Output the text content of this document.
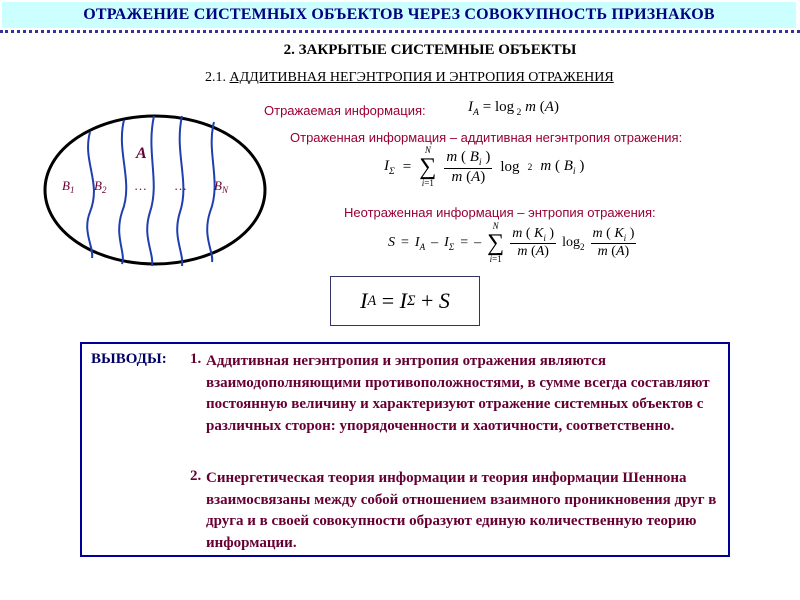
ОТРАЖЕНИЕ СИСТЕМНЫХ ОБЪЕКТОВ ЧЕРЕЗ СОВОКУПНОСТЬ ПРИЗНАКОВ
2. ЗАКРЫТЫЕ СИСТЕМНЫЕ ОБЪЕКТЫ
2.1. АДДИТИВНАЯ НЕГЭНТРОПИЯ И ЭНТРОПИЯ ОТРАЖЕНИЯ
A
$B_1$ $B_2$ … … $B_N$
Отражаемая информация:
Отраженная информация – аддитивная негэнтропия отражения:
Неотраженная информация – энтропия отражения:
$I_A = \log _2$ m (A)
$I_\Sigma$ =
N
∑
$i=1 \frac{m ( B_i )}{m (A)}$ log 2 m ( $B_i$ )
$S = I_A - I_\Sigma$ = –
N
∑
$i=1 \frac{m ( K_i )}{m (A)} \log_2 \frac{m ( K_i )}{m (A)}$
I A
= I Σ
+ S
ВЫВОДЫ: 1. Аддитивная негэнтропия и энтропия отражения являются взаимодополняющими противоположностями, в сумме всегда составляют постоянную величину и характеризуют отражение системных объектов с различных сторон: упорядоченности и хаотичности, соответственно.
2. Синергетическая теория информации и теория информации Шеннона взаимосвязаны между собой отношением взаимного проникновения друг в друга и в своей совокупности образуют единую количественную теорию информации.
